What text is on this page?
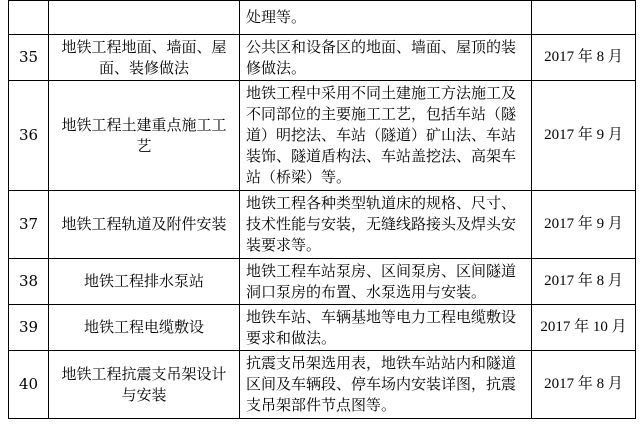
		处理等。	
35	地铁工程地面、墙面、屋面、装修做法	公共区和设备区的地面、墙面、屋顶的装修做法。	2017 年 8 月
36	地铁工程土建重点施工工艺	地铁工程中采用不同土建施工方法施工及不同部位的主要施工工艺，包括车站（隧道）明挖法、车站（隧道）矿山法、车站装饰、隧道盾构法、车站盖挖法、高架车站（桥梁）等。	2017 年 9 月
37	地铁工程轨道及附件安装	地铁工程各种类型轨道床的规格、尺寸、技术性能与安装，无缝线路接头及焊头安装要求等。	2017 年 9 月
38	地铁工程排水泵站	地铁工程车站泵房、区间泵房、区间隧道洞口泵房的布置、水泵选用与安装。	2017 年 8 月
39	地铁工程电缆敷设	地铁车站、车辆基地等电力工程电缆敷设要求和做法。	2017 年 10 月
40	地铁工程抗震支吊架设计与安装	抗震支吊架选用表，地铁车站站内和隧道区间及车辆段、停车场内安装详图，抗震支吊架部件节点图等。	2017 年 8 月
